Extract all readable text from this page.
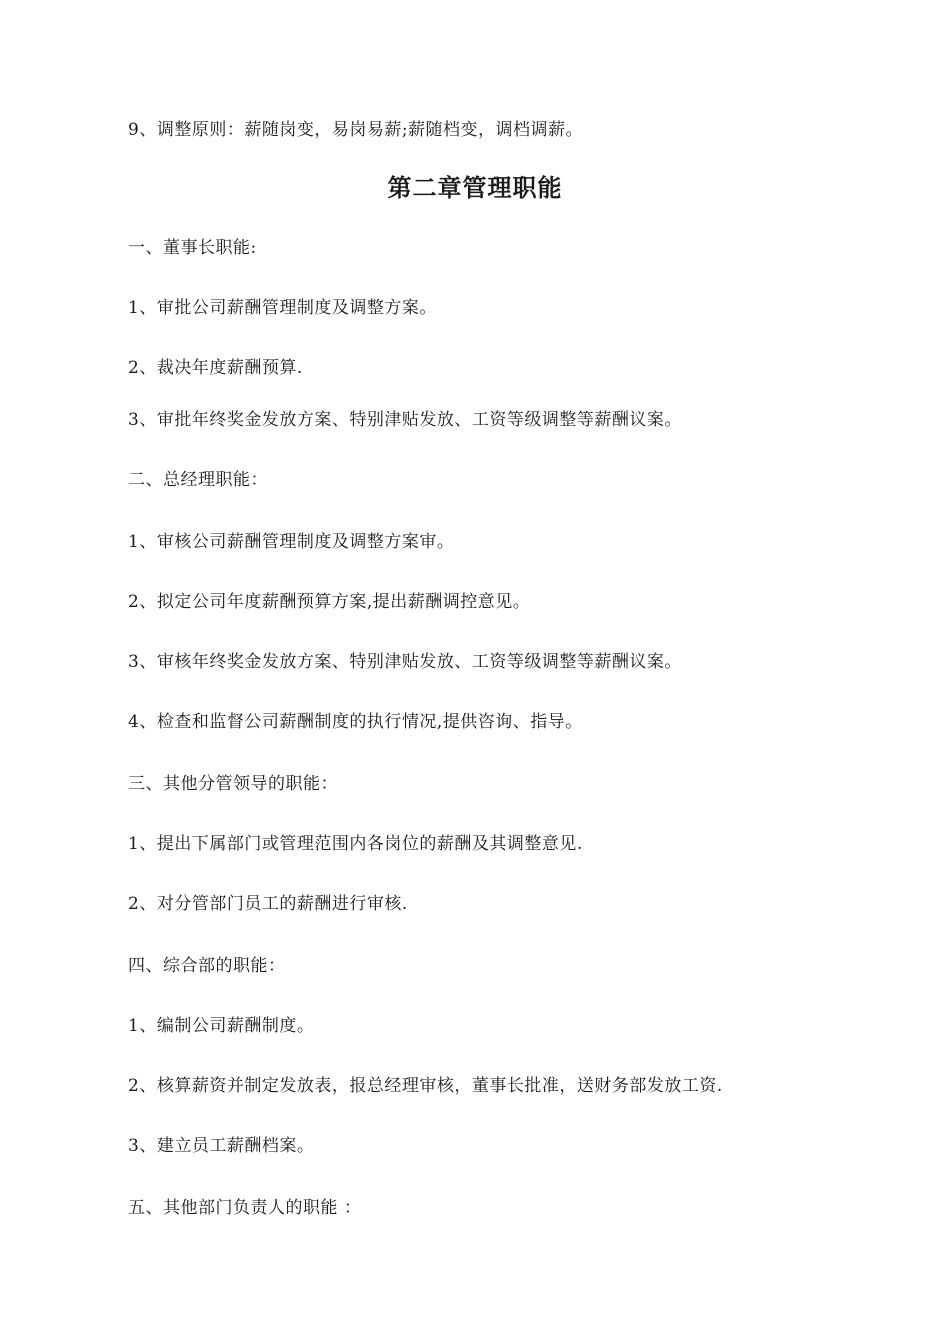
9、调整原则：薪随岗变，易岗易薪;薪随档变，调档调薪。
第二章管理职能
一、董事长职能:
1、审批公司薪酬管理制度及调整方案。
2、裁决年度薪酬预算.
3、审批年终奖金发放方案、特别津贴发放、工资等级调整等薪酬议案。
二、总经理职能：
1、审核公司薪酬管理制度及调整方案审。
2、拟定公司年度薪酬预算方案,提出薪酬调控意见。
3、审核年终奖金发放方案、特别津贴发放、工资等级调整等薪酬议案。
4、检查和监督公司薪酬制度的执行情况,提供咨询、指导。
三、其他分管领导的职能：
1、提出下属部门或管理范围内各岗位的薪酬及其调整意见.
2、对分管部门员工的薪酬进行审核.
四、综合部的职能：
1、编制公司薪酬制度。
2、核算薪资并制定发放表，报总经理审核，董事长批准，送财务部发放工资.
3、建立员工薪酬档案。
五、其他部门负责人的职能 ：
